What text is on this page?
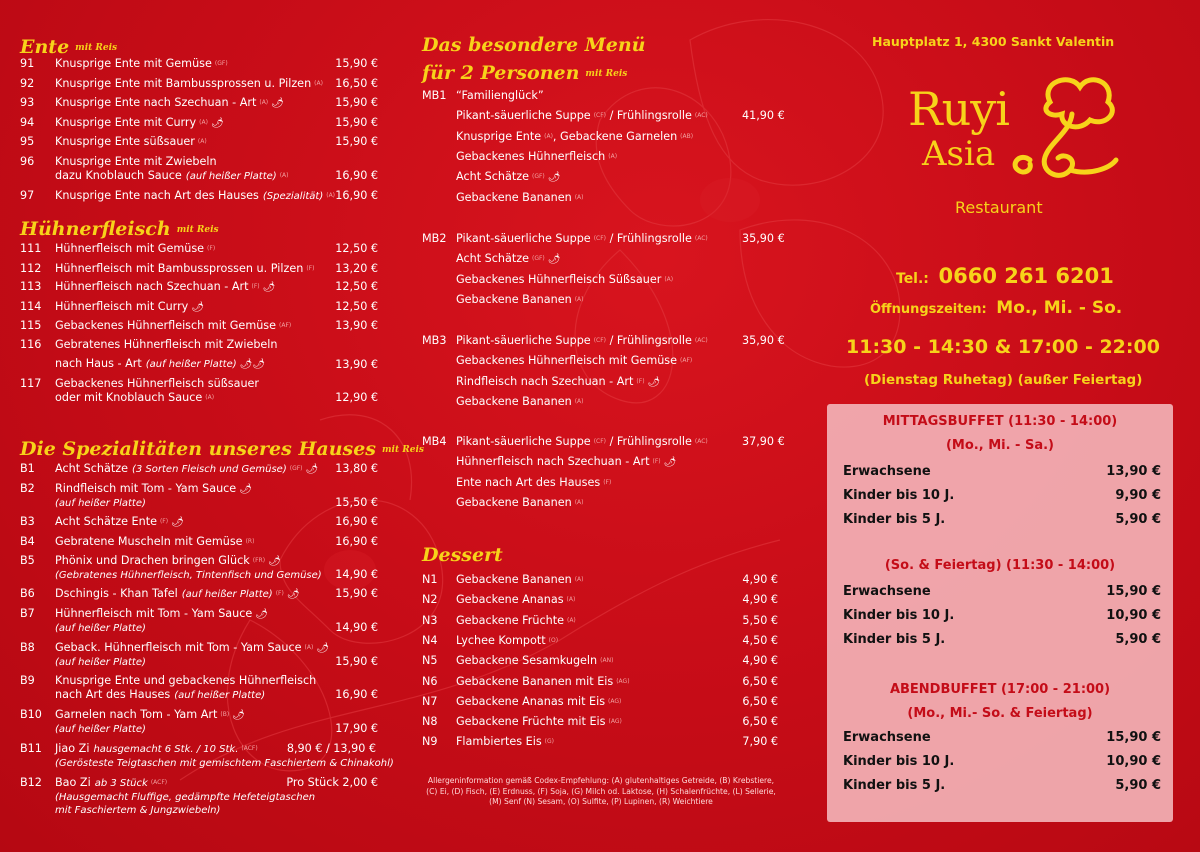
Ente mit Reis
91 Knusprige Ente mit Gemüse (GF)	15,90 €
92 Knusprige Ente mit Bambussprossen u. Pilzen (A) 16,50 €
93 Knusprige Ente nach Szechuan - Art (A) 🌶	15,90 €
94 Knusprige Ente mit Curry (A) 🌶	15,90 €
95 Knusprige Ente süßsauer (A)	15,90 €
96 Knusprige Ente mit Zwiebeln
dazu Knoblauch Sauce (auf heißer Platte) (A)	16,90 €
97 Knusprige Ente nach Art des Hauses (Spezialität) (A) 16,90 €
Hühnerfleisch mit Reis
111 Hühnerfleisch mit Gemüse (F)	12,50 €
112 Hühnerfleisch mit Bambussprossen u. Pilzen (F) 13,20 €
113 Hühnerfleisch nach Szechuan - Art (F) 🌶	12,50 €
114 Hühnerfleisch mit Curry 🌶	12,50 €
115 Gebackenes Hühnerfleisch mit Gemüse (AF)	13,90 €
116 Gebratenes Hühnerfleisch mit Zwiebeln
nach Haus - Art (auf heißer Platte) 🌶🌶	13,90 €
117 Gebackenes Hühnerfleisch süßsauer
oder mit Knoblauch Sauce (A)	12,90 €
Die Spezialitäten unseres Hauses mit Reis
B1 Acht Schätze (3 Sorten Fleisch und Gemüse) (GF) 🌶 13,80 €
B2 Rindfleisch mit Tom - Yam Sauce 🌶
(auf heißer Platte)	15,50 €
B3 Acht Schätze Ente (F) 🌶	16,90 €
B4 Gebratene Muscheln mit Gemüse (R)	16,90 €
B5 Phönix und Drachen bringen Glück (FR) 🌶
(Gebratenes Hühnerfleisch, Tintenfisch und Gemüse) 14,90 €
B6 Dschingis - Khan Tafel (auf heißer Platte) (F) 🌶	15,90 €
B7 Hühnerfleisch mit Tom - Yam Sauce 🌶
(auf heißer Platte)	14,90 €
B8 Geback. Hühnerfleisch mit Tom - Yam Sauce (A) 🌶
(auf heißer Platte)	15,90 €
B9 Knusprige Ente und gebackenes Hühnerfleisch
nach Art des Hauses (auf heißer Platte)	16,90 €
B10 Garnelen nach Tom - Yam Art (B) 🌶
(auf heißer Platte)	17,90 €
B11 Jiao Zi hausgemacht 6 Stk. / 10 Stk. (ACF)
(Gerösteste Teigtaschen mit gemischtem Faschiertem & Chinakohl)
8,90 € / 13,90 €
B12 Bao Zi ab 3 Stück (ACF)
(Hausgemacht Fluffige, gedämpfte Hefeteigtaschen
mit Faschiertem & Jungzwiebeln)
Pro Stück 2,00 €
Das besondere Menü
für 2 Personen mit Reis
MB1 “Familienglück”
Pikant-säuerliche Suppe (CF) / Frühlingsrolle (AC)	41,90 €
Knusprige Ente (A), Gebackene Garnelen (AB)
Gebackenes Hühnerfleisch (A)
Acht Schätze (GF) 🌶
Gebackene Bananen (A)
MB2 Pikant-säuerliche Suppe (CF) / Frühlingsrolle (AC)	35,90 €
Acht Schätze (GF) 🌶
Gebackenes Hühnerfleisch Süßsauer (A)
Gebackene Bananen (A)
MB3 Pikant-säuerliche Suppe (CF) / Frühlingsrolle (AC)	35,90 €
Gebackenes Hühnerfleisch mit Gemüse (AF)
Rindfleisch nach Szechuan - Art (F) 🌶
Gebackene Bananen (A)
MB4 Pikant-säuerliche Suppe (CF) / Frühlingsrolle (AC)	37,90 €
Hühnerfleisch nach Szechuan - Art (F) 🌶
Ente nach Art des Hauses (F)
Gebackene Bananen (A)
Dessert
N1 Gebackene Bananen (A)	4,90 €
N2 Gebackene Ananas (A)	4,90 €
N3 Gebackene Früchte (A)	5,50 €
N4 Lychee Kompott (O)	4,50 €
N5 Gebackene Sesamkugeln (AN)	4,90 €
N6 Gebackene Bananen mit Eis (AG)	6,50 €
N7 Gebackene Ananas mit Eis (AG)	6,50 €
N8 Gebackene Früchte mit Eis (AG)	6,50 €
N9 Flambiertes Eis (G)	7,90 €
Allergeninformation gemäß Codex-Empfehlung: (A) glutenhaltiges Getreide, (B) Krebstiere,
(C) Ei, (D) Fisch, (E) Erdnuss, (F) Soja, (G) Milch od. Laktose, (H) Schalenfrüchte, (L) Sellerie,
(M) Senf (N) Sesam, (O) Sulfite, (P) Lupinen, (R) Weichtiere
Hauptplatz 1, 4300 Sankt Valentin
Ruyi
Asia
Restaurant
Tel.: 0660 261 6201
Öffnungszeiten: Mo., Mi. - So.
11:30 - 14:30 & 17:00 - 22:00
(Dienstag Ruhetag) (außer Feiertag)
MITTAGSBUFFET (11:30 - 14:00)
(Mo., Mi. - Sa.)
Erwachsene	13,90 €
Kinder bis 10 J.	9,90 €
Kinder bis 5 J.	5,90 €
(So. & Feiertag) (11:30 - 14:00)
Erwachsene	15,90 €
Kinder bis 10 J.	10,90 €
Kinder bis 5 J.	5,90 €
ABENDBUFFET (17:00 - 21:00)
(Mo., Mi.- So. & Feiertag)
Erwachsene	15,90 €
Kinder bis 10 J.	10,90 €
Kinder bis 5 J.	5,90 €
